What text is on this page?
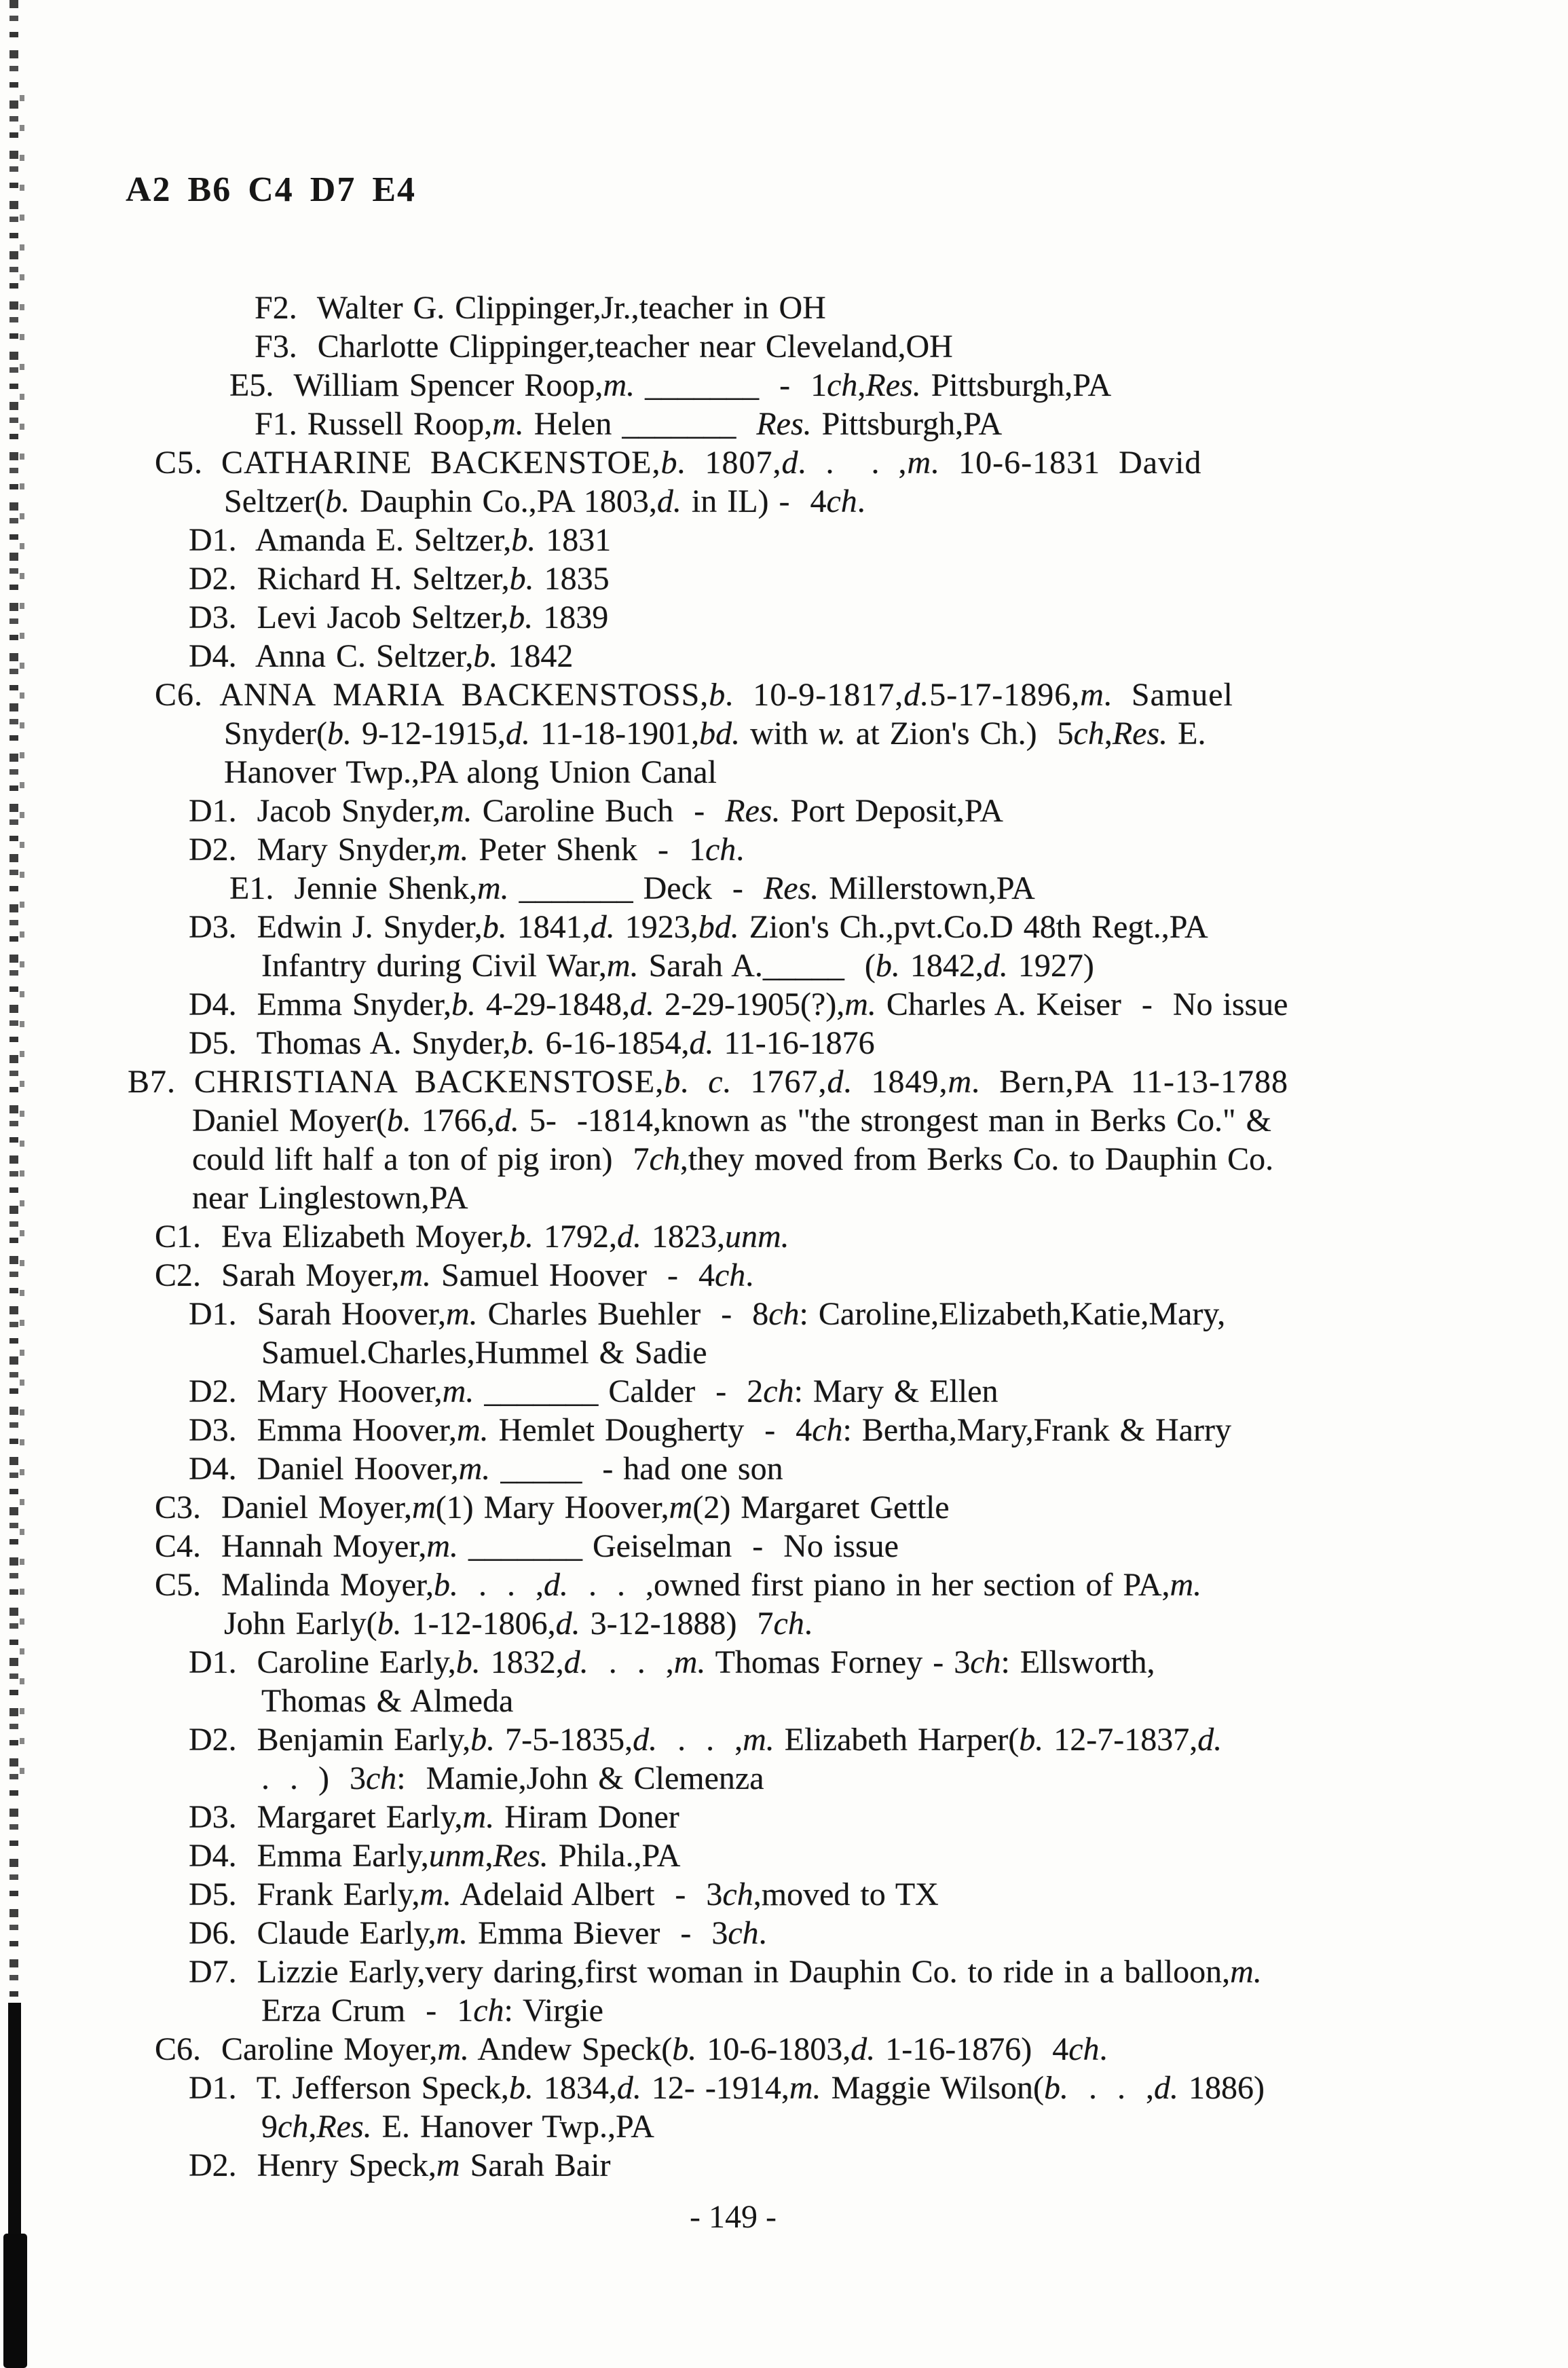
A2 B6 C4 D7 E4
F2.  Walter G. Clippinger,Jr.,teacher in OH
F3.  Charlotte Clippinger,teacher near Cleveland,OH
E5.  William Spencer Roop,m. _______  -  1ch,Res. Pittsburgh,PA
F1. Russell Roop,m. Helen _______  Res. Pittsburgh,PA
C5. CATHARINE BACKENSTOE,b. 1807,d. .  . ,m. 10-6-1831 David
Seltzer(b. Dauphin Co.,PA 1803,d. in IL) -  4ch.
D1.  Amanda E. Seltzer,b. 1831
D2.  Richard H. Seltzer,b. 1835
D3.  Levi Jacob Seltzer,b. 1839
D4.  Anna C. Seltzer,b. 1842
C6. ANNA MARIA BACKENSTOSS,b. 10-9-1817,d.5-17-1896,m. Samuel
Snyder(b. 9-12-1915,d. 11-18-1901,bd. with w. at Zion's Ch.)  5ch,Res. E.
Hanover Twp.,PA along Union Canal
D1.  Jacob Snyder,m. Caroline Buch  -  Res. Port Deposit,PA
D2.  Mary Snyder,m. Peter Shenk  -  1ch.
E1.  Jennie Shenk,m. _______ Deck  -  Res. Millerstown,PA
D3.  Edwin J. Snyder,b. 1841,d. 1923,bd. Zion's Ch.,pvt.Co.D 48th Regt.,PA
Infantry during Civil War,m. Sarah A._____  (b. 1842,d. 1927)
D4.  Emma Snyder,b. 4-29-1848,d. 2-29-1905(?),m. Charles A. Keiser  -  No issue
D5.  Thomas A. Snyder,b. 6-16-1854,d. 11-16-1876
B7. CHRISTIANA BACKENSTOSE,b. c. 1767,d. 1849,m. Bern,PA 11-13-1788
Daniel Moyer(b. 1766,d. 5-  -1814,known as "the strongest man in Berks Co." &
could lift half a ton of pig iron)  7ch,they moved from Berks Co. to Dauphin Co.
near Linglestown,PA
C1.  Eva Elizabeth Moyer,b. 1792,d. 1823,unm.
C2.  Sarah Moyer,m. Samuel Hoover  -  4ch.
D1.  Sarah Hoover,m. Charles Buehler  -  8ch: Caroline,Elizabeth,Katie,Mary,
Samuel.Charles,Hummel & Sadie
D2.  Mary Hoover,m. _______ Calder  -  2ch: Mary & Ellen
D3.  Emma Hoover,m. Hemlet Dougherty  -  4ch: Bertha,Mary,Frank & Harry
D4.  Daniel Hoover,m. _____  - had one son
C3.  Daniel Moyer,m(1) Mary Hoover,m(2) Margaret Gettle
C4.  Hannah Moyer,m. _______ Geiselman  -  No issue
C5.  Malinda Moyer,b.  .  .  ,d.  .  .  ,owned first piano in her section of PA,m.
John Early(b. 1-12-1806,d. 3-12-1888)  7ch.
D1.  Caroline Early,b. 1832,d.  .  .  ,m. Thomas Forney - 3ch: Ellsworth,
Thomas & Almeda
D2.  Benjamin Early,b. 7-5-1835,d.  .  .  ,m. Elizabeth Harper(b. 12-7-1837,d.
.  .  )  3ch:  Mamie,John & Clemenza
D3.  Margaret Early,m. Hiram Doner
D4.  Emma Early,unm,Res. Phila.,PA
D5.  Frank Early,m. Adelaid Albert  -  3ch,moved to TX
D6.  Claude Early,m. Emma Biever  -  3ch.
D7.  Lizzie Early,very daring,first woman in Dauphin Co. to ride in a balloon,m.
Erza Crum  -  1ch: Virgie
C6.  Caroline Moyer,m. Andew Speck(b. 10-6-1803,d. 1-16-1876)  4ch.
D1.  T. Jefferson Speck,b. 1834,d. 12- -1914,m. Maggie Wilson(b.  .  .  ,d. 1886)
9ch,Res. E. Hanover Twp.,PA
D2.  Henry Speck,m Sarah Bair
- 149 -
